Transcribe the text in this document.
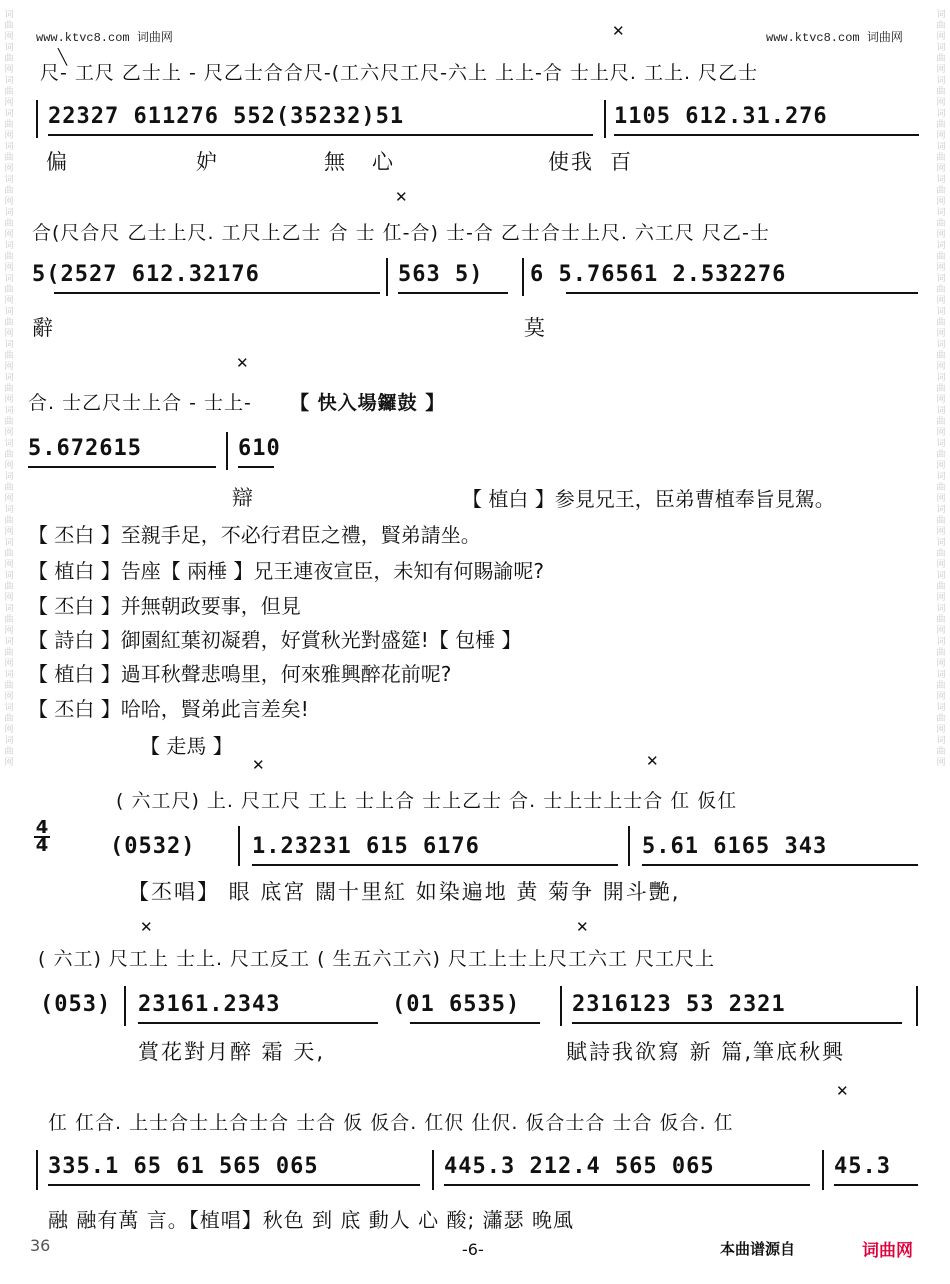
词曲网词曲网词曲网词曲网词曲网词曲网词曲网词曲网词曲网词曲网词曲网词曲网词曲网词曲网词曲网词曲网词曲网词曲网词曲网词曲网词曲网词曲网词曲网
词曲网词曲网词曲网词曲网词曲网词曲网词曲网词曲网词曲网词曲网词曲网词曲网词曲网词曲网词曲网词曲网词曲网词曲网词曲网词曲网词曲网词曲网词曲网
www.ktvc8.com 词曲网	www.ktvc8.com 词曲网
╲
✕
尺- 工尺 乙士上 - 尺乙士合合尺-(工六尺工尺-六上 上上-合 士上尺. 工上. 尺乙士
22327 611276 552(35232)51	1105 612.31.276
偏	妒	無 心	使我 百
✕
合(尺合尺 乙士上尺. 工尺上乙士 合 士 仜-合) 士-合 乙士合士上尺. 六工尺 尺乙-士
5(2527 612.32176	563 5) 6 5.76561 2.532276
辭	莫
✕
合. 士乙尺士上合 - 士上- 【 快入場鑼鼓 】
5.672615	610
辯	【 植白 】参見兄王，臣弟曹植奉旨見駕。
【 丕白 】至親手足，不必行君臣之禮，賢弟請坐。
【 植白 】告座【 兩棰 】兄王連夜宣臣，未知有何賜諭呢?
【 丕白 】并無朝政要事，但見
【 詩白 】御園紅葉初凝碧，好賞秋光對盛筵!【 包棰 】
【 植白 】過耳秋聲悲鳴里，何來雅興醉花前呢?
【 丕白 】哈哈，賢弟此言差矣!
【 走馬 】
✕	✕
( 六工尺) 上. 尺工尺 工上 士上合 士上乙士 合. 士上士上士合 仜 仮仜
4
4	(0532)	1.23231 615 6176	5.61 6165 343
【丕唱】 眼 底宮 闊十里紅 如染遍地 黄 菊争 開斗艷,
✕	✕
( 六工) 尺工上 士上. 尺工反工 ( 生五六工六) 尺工上士上尺工六工 尺工尺上
(053) 23161.2343	(01 6535) 2316123 53 2321
賞花對月醉 霜 天,	賦詩我欲寫 新 篇,筆底秋興
✕
仜 仜合. 上士合士上合士合 士合 仮 仮合. 仜伬 仩伬. 仮合士合 士合 仮合. 仜
335.1 65 61 565 065	445.3 212.4 565 065	45.3
融 融有萬 言。【植唱】秋色 到 底 動人 心 酸; 瀟瑟 晚風
36	-6-	本曲谱源自	词曲网
